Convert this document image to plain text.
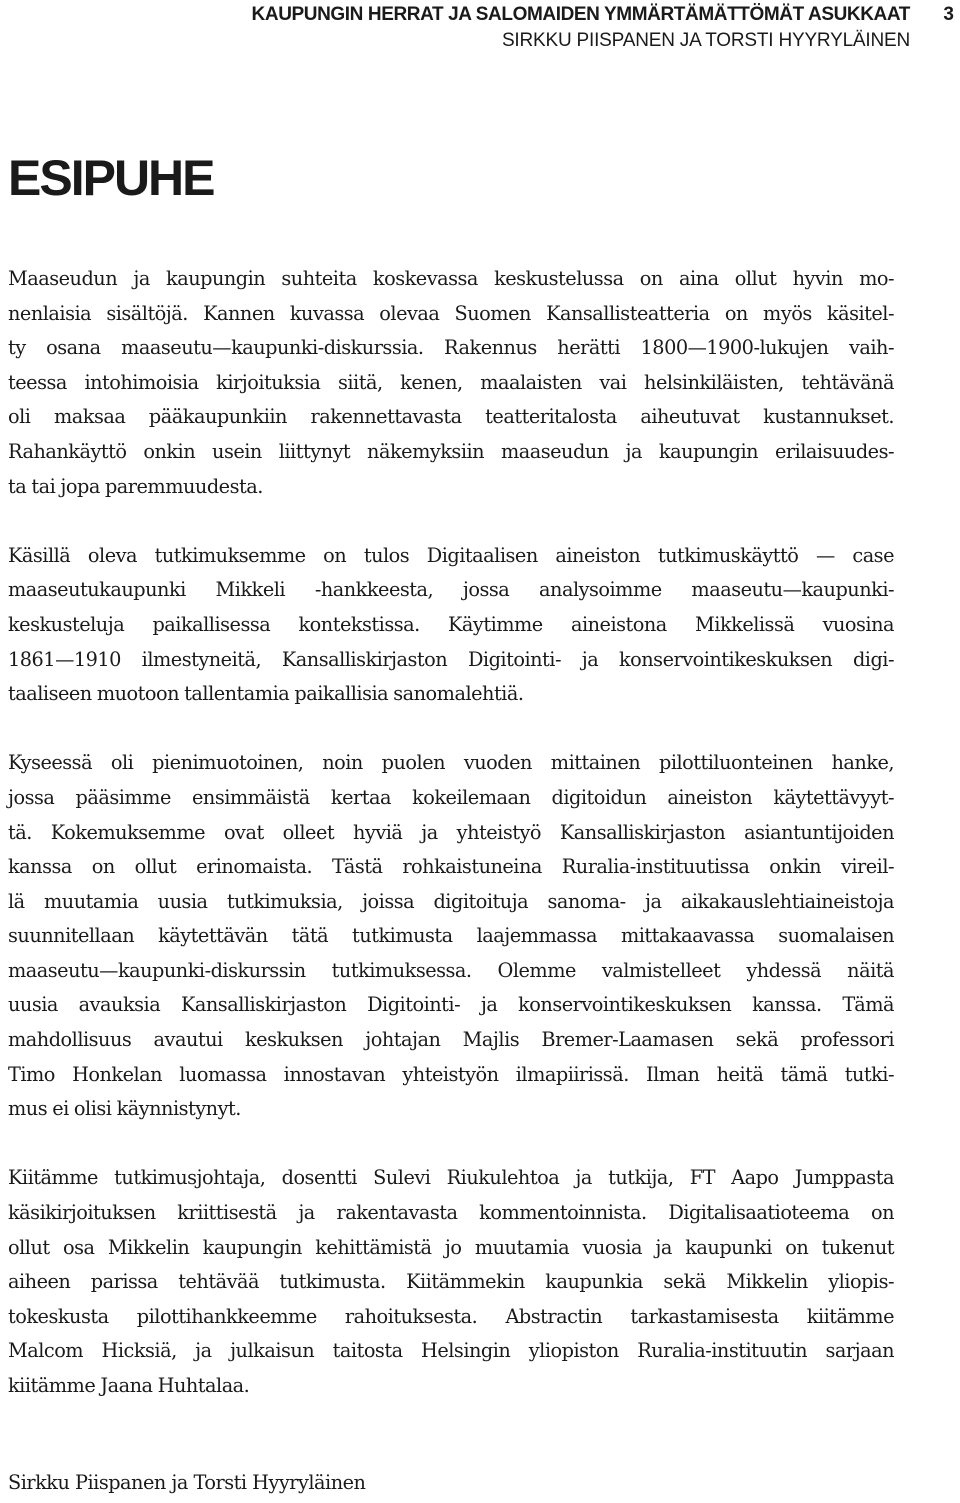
KAUPUNGIN HERRAT JA SALOMAIDEN YMMÄRTÄMÄTTÖMÄT ASUKKAAT
SIRKKU PIISPANEN JA TORSTI HYYRYLÄINEN
3
ESIPUHE

Maaseudun ja kaupungin suhteita koskevassa keskustelussa on aina ollut hyvin mo-
nenlaisia sisältöjä. Kannen kuvassa olevaa Suomen Kansallisteatteria on myös käsitel-
ty osana maaseutu—kaupunki-diskurssia. Rakennus herätti 1800—1900-lukujen vaih-
teessa intohimoisia kirjoituksia siitä, kenen, maalaisten vai helsinkiläisten, tehtävänä
oli maksaa pääkaupunkiin rakennettavasta teatteritalosta aiheutuvat kustannukset.
Rahankäyttö onkin usein liittynyt näkemyksiin maaseudun ja kaupungin erilaisuudes-
ta tai jopa paremmuudesta.

Käsillä oleva tutkimuksemme on tulos Digitaalisen aineiston tutkimuskäyttö — case
maaseutukaupunki Mikkeli -hankkeesta, jossa analysoimme maaseutu—kaupunki-
keskusteluja paikallisessa kontekstissa. Käytimme aineistona Mikkelissä vuosina
1861—1910 ilmestyneitä, Kansalliskirjaston Digitointi- ja konservointikeskuksen digi-
taaliseen muotoon tallentamia paikallisia sanomalehtiä.

Kyseessä oli pienimuotoinen, noin puolen vuoden mittainen pilottiluonteinen hanke,
jossa pääsimme ensimmäistä kertaa kokeilemaan digitoidun aineiston käytettävyyt-
tä. Kokemuksemme ovat olleet hyviä ja yhteistyö Kansalliskirjaston asiantuntijoiden
kanssa on ollut erinomaista. Tästä rohkaistuneina Ruralia-instituutissa onkin vireil-
lä muutamia uusia tutkimuksia, joissa digitoituja sanoma- ja aikakauslehtiaineistoja
suunnitellaan käytettävän tätä tutkimusta laajemmassa mittakaavassa suomalaisen
maaseutu—kaupunki-diskurssin tutkimuksessa. Olemme valmistelleet yhdessä näitä
uusia avauksia Kansalliskirjaston Digitointi- ja konservointikeskuksen kanssa. Tämä
mahdollisuus avautui keskuksen johtajan Majlis Bremer-Laamasen sekä professori
Timo Honkelan luomassa innostavan yhteistyön ilmapiirissä. Ilman heitä tämä tutki-
mus ei olisi käynnistynyt.

Kiitämme tutkimusjohtaja, dosentti Sulevi Riukulehtoa ja tutkija, FT Aapo Jumppasta
käsikirjoituksen kriittisestä ja rakentavasta kommentoinnista. Digitalisaatioteema on
ollut osa Mikkelin kaupungin kehittämistä jo muutamia vuosia ja kaupunki on tukenut
aiheen parissa tehtävää tutkimusta. Kiitämmekin kaupunkia sekä Mikkelin yliopis-
tokeskusta pilottihankkeemme rahoituksesta. Abstractin tarkastamisesta kiitämme
Malcom Hicksiä, ja julkaisun taitosta Helsingin yliopiston Ruralia-instituutin sarjaan
kiitämme Jaana Huhtalaa.

Sirkku Piispanen ja Torsti Hyyryläinen
